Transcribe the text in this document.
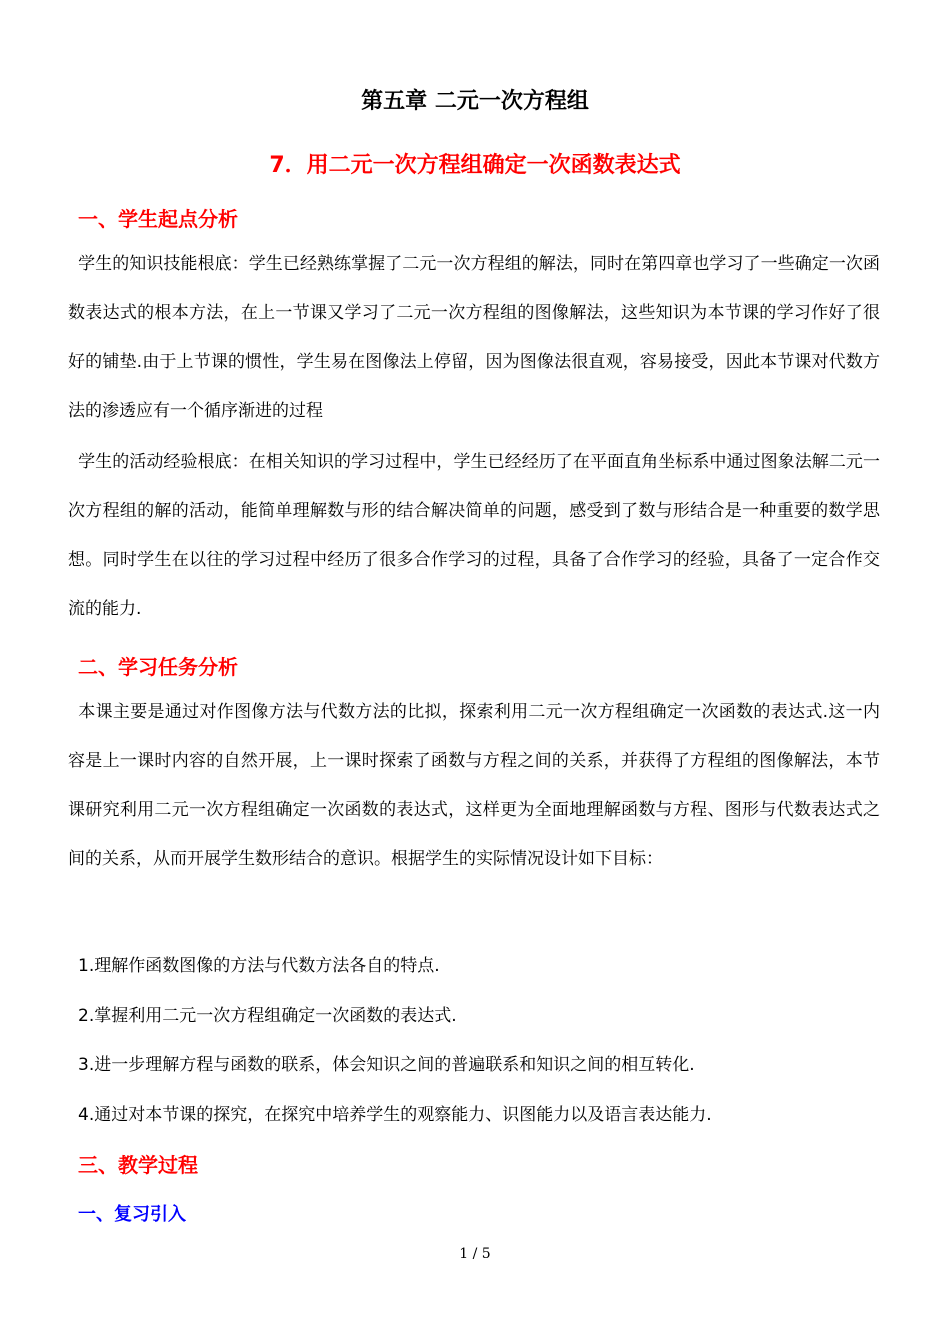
第五章 二元一次方程组
7．用二元一次方程组确定一次函数表达式
一、学生起点分析

学生的知识技能根底：学生已经熟练掌握了二元一次方程组的解法，同时在第四章也学习了一些确定一次函数表达式的根本方法，在上一节课又学习了二元一次方程组的图像解法，这些知识为本节课的学习作好了很好的铺垫.由于上节课的惯性，学生易在图像法上停留，因为图像法很直观，容易接受，因此本节课对代数方法的渗透应有一个循序渐进的过程

学生的活动经验根底：在相关知识的学习过程中，学生已经经历了在平面直角坐标系中通过图象法解二元一次方程组的解的活动，能简单理解数与形的结合解决简单的问题，感受到了数与形结合是一种重要的数学思想。同时学生在以往的学习过程中经历了很多合作学习的过程，具备了合作学习的经验，具备了一定合作交流的能力.

二、学习任务分析

本课主要是通过对作图像方法与代数方法的比拟，探索利用二元一次方程组确定一次函数的表达式.这一内容是上一课时内容的自然开展，上一课时探索了函数与方程之间的关系，并获得了方程组的图像解法，本节课研究利用二元一次方程组确定一次函数的表达式，这样更为全面地理解函数与方程、图形与代数表达式之间的关系，从而开展学生数形结合的意识。根据学生的实际情况设计如下目标：

1.理解作函数图像的方法与代数方法各自的特点.

2.掌握利用二元一次方程组确定一次函数的表达式.

3.进一步理解方程与函数的联系，体会知识之间的普遍联系和知识之间的相互转化.

4.通过对本节课的探究，在探究中培养学生的观察能力、识图能力以及语言表达能力.

三、教学过程
一、复习引入
1 / 5
